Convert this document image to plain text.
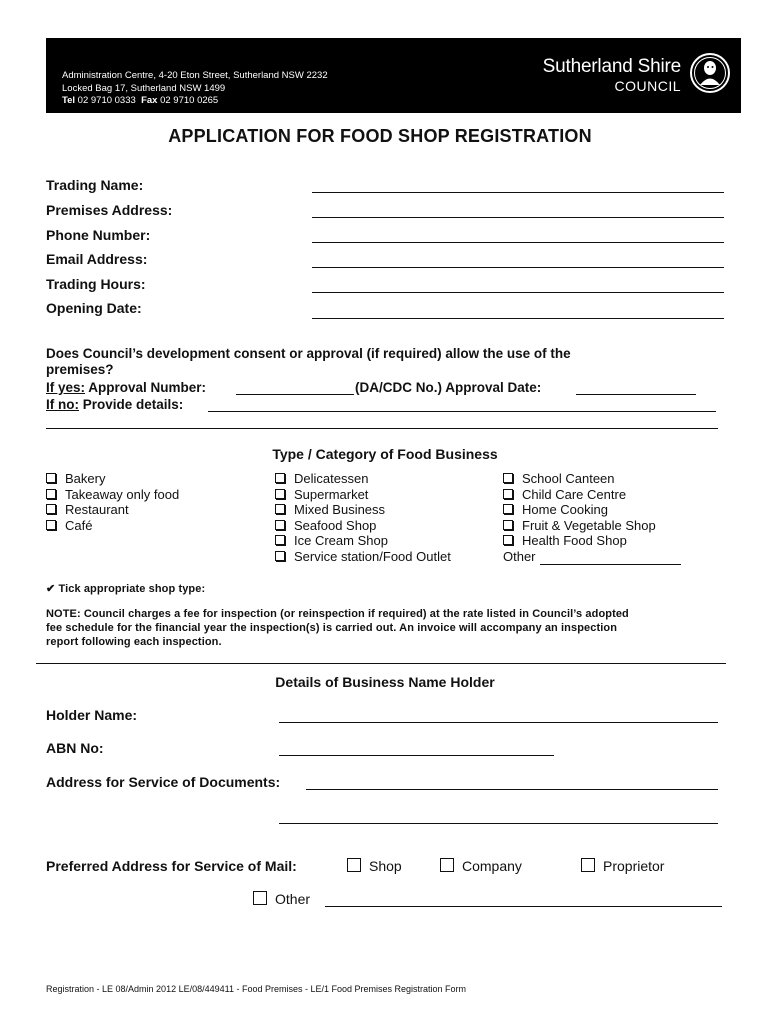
Administration Centre, 4-20 Eton Street, Sutherland NSW 2232
Locked Bag 17, Sutherland NSW 1499
Tel 02 9710 0333 Fax 02 9710 0265
Sutherland Shire
COUNCIL
APPLICATION FOR FOOD SHOP REGISTRATION
Trading Name:
Premises Address:
Phone Number:
Email Address:
Trading Hours:
Opening Date:
Does Council’s development consent or approval (if required) allow the use of the
premises?
If yes: Approval Number:	(DA/CDC No.) Approval Date:
If no: Provide details:
Type / Category of Food Business
Bakery
Takeaway only food
Restaurant
Café
Delicatessen
Supermarket
Mixed Business
Seafood Shop
Ice Cream Shop
Service station/Food Outlet
School Canteen
Child Care Centre
Home Cooking
Fruit & Vegetable Shop
Health Food Shop
Other
✔ Tick appropriate shop type:
NOTE: Council charges a fee for inspection (or reinspection if required) at the rate listed in Council’s adopted
fee schedule for the financial year the inspection(s) is carried out. An invoice will accompany an inspection
report following each inspection.
Details of Business Name Holder
Holder Name:
ABN No:
Address for Service of Documents:
Preferred Address for Service of Mail:	Shop	Company	Proprietor
Other
Registration - LE 08/Admin 2012 LE/08/449411 - Food Premises - LE/1 Food Premises Registration Form
